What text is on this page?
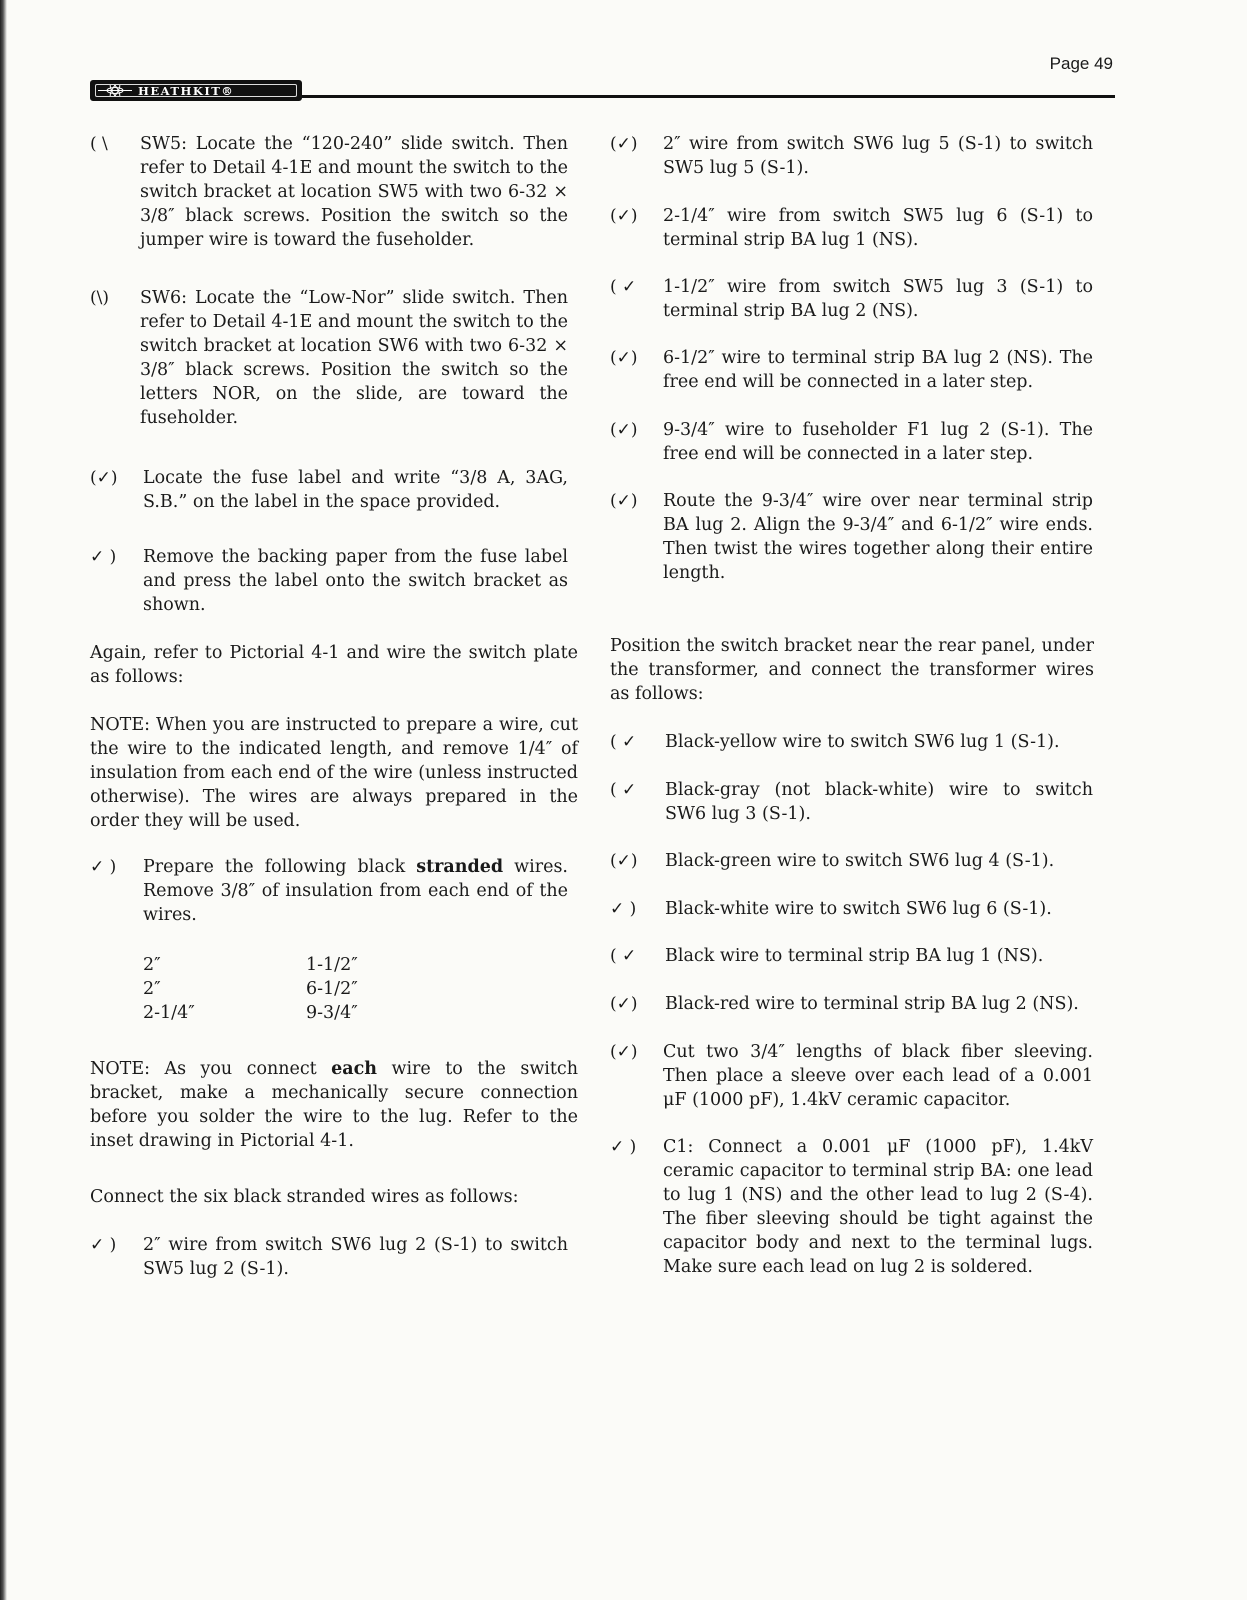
Page 49
HEATHKIT®
( \	SW5: Locate the “120-240” slide switch. Then refer to Detail 4-1E and mount the switch to the switch bracket at location SW5 with two 6-32 × 3/8″ black screws. Position the switch so the jumper wire is toward the fuseholder.
(\)	SW6: Locate the “Low-Nor” slide switch. Then refer to Detail 4-1E and mount the switch to the switch bracket at location SW6 with two 6-32 × 3/8″ black screws. Position the switch so the letters NOR, on the slide, are toward the fuseholder.
(✓)	Locate the fuse label and write “3/8 A, 3AG, S.B.” on the label in the space provided.
✓ )	Remove the backing paper from the fuse label and press the label onto the switch bracket as shown.
Again, refer to Pictorial 4-1 and wire the switch plate as follows:
NOTE: When you are instructed to prepare a wire, cut the wire to the indicated length, and remove 1/4″ of insulation from each end of the wire (unless instructed otherwise). The wires are always prepared in the order they will be used.
✓ )	Prepare the following black stranded wires. Remove 3/8″ of insulation from each end of the wires.
2″	1-1/2″
2″	6-1/2″
2-1/4″	9-3/4″
NOTE: As you connect each wire to the switch bracket, make a mechanically secure connection before you solder the wire to the lug. Refer to the inset drawing in Pictorial 4-1.
Connect the six black stranded wires as follows:
✓ )	2″ wire from switch SW6 lug 2 (S-1) to switch SW5 lug 2 (S-1).
(✓)	2″ wire from switch SW6 lug 5 (S-1) to switch SW5 lug 5 (S-1).
(✓)	2-1/4″ wire from switch SW5 lug 6 (S-1) to terminal strip BA lug 1 (NS).
( ✓	1-1/2″ wire from switch SW5 lug 3 (S-1) to terminal strip BA lug 2 (NS).
(✓)	6-1/2″ wire to terminal strip BA lug 2 (NS). The free end will be connected in a later step.
(✓)	9-3/4″ wire to fuseholder F1 lug 2 (S-1). The free end will be connected in a later step.
(✓)	Route the 9-3/4″ wire over near terminal strip BA lug 2. Align the 9-3/4″ and 6-1/2″ wire ends. Then twist the wires together along their entire length.
Position the switch bracket near the rear panel, under the transformer, and connect the transformer wires as follows:
( ✓	Black-yellow wire to switch SW6 lug 1 (S-1).
( ✓	Black-gray (not black-white) wire to switch SW6 lug 3 (S-1).
(✓)	Black-green wire to switch SW6 lug 4 (S-1).
✓ )	Black-white wire to switch SW6 lug 6 (S-1).
( ✓	Black wire to terminal strip BA lug 1 (NS).
(✓)	Black-red wire to terminal strip BA lug 2 (NS).
(✓)	Cut two 3/4″ lengths of black fiber sleeving. Then place a sleeve over each lead of a 0.001 μF (1000 pF), 1.4kV ceramic capacitor.
✓ )	C1: Connect a 0.001 μF (1000 pF), 1.4kV ceramic capacitor to terminal strip BA: one lead to lug 1 (NS) and the other lead to lug 2 (S-4). The fiber sleeving should be tight against the capacitor body and next to the terminal lugs. Make sure each lead on lug 2 is soldered.
